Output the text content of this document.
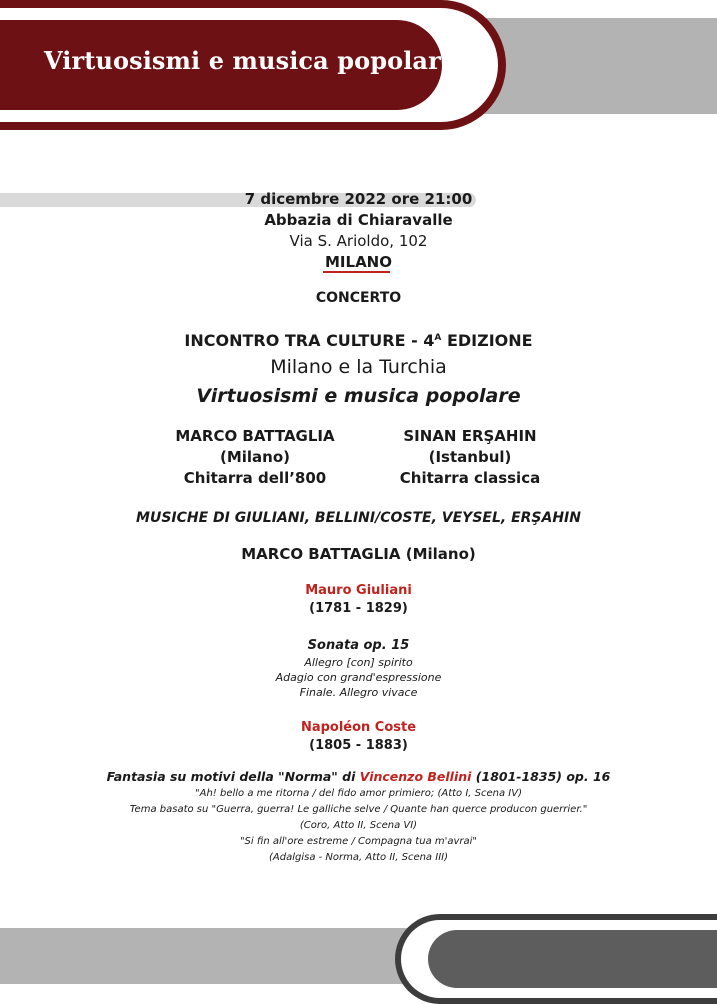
Virtuosismi e musica popolare
7 dicembre 2022 ore 21:00
Abbazia di Chiaravalle
Via S. Arioldo, 102
MILANO
CONCERTO
INCONTRO TRA CULTURE - $4^A$ EDIZIONE
Milano e la Turchia
Virtuosismi e musica popolare
MARCO BATTAGLIA
(Milano)
Chitarra dell’800
SINAN ERŞAHIN
(Istanbul)
Chitarra classica
MUSICHE DI GIULIANI, BELLINI/COSTE, VEYSEL, ERŞAHIN
MARCO BATTAGLIA (Milano)
Mauro Giuliani
(1781 - 1829)
Sonata op. 15
Allegro [con] spirito
Adagio con grand'espressione
Finale. Allegro vivace
Napoléon Coste
(1805 - 1883)
Fantasia su motivi della "Norma" di Vincenzo Bellini (1801-1835) op. 16
"Ah! bello a me ritorna / del fido amor primiero; (Atto I, Scena IV)
Tema basato su "Guerra, guerra! Le galliche selve / Quante han querce producon guerrier."
(Coro, Atto II, Scena VI)
"Si fin all'ore estreme / Compagna tua m'avrai"
(Adalgisa - Norma, Atto II, Scena III)
